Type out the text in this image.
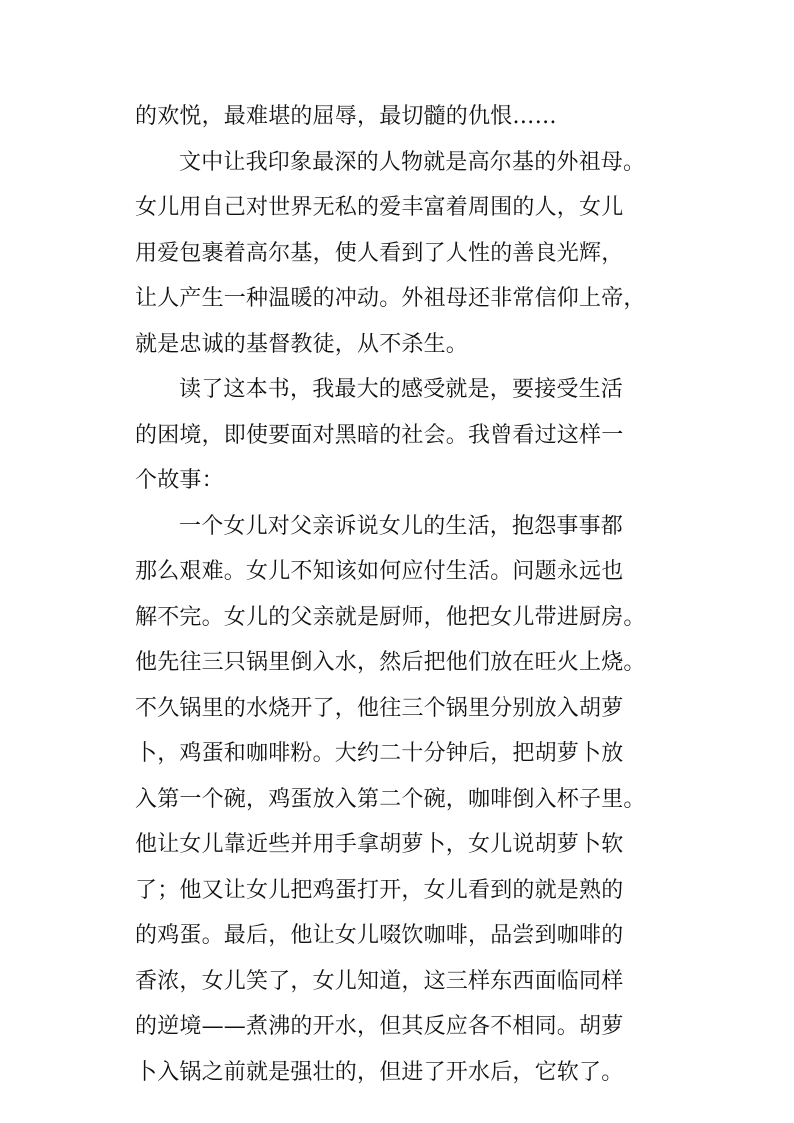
的欢悦，最难堪的屈辱，最切髓的仇恨……
文中让我印象最深的人物就是高尔基的外祖母。
女儿用自己对世界无私的爱丰富着周围的人，女儿
用爱包裹着高尔基，使人看到了人性的善良光辉，
让人产生一种温暖的冲动。外祖母还非常信仰上帝，
就是忠诚的基督教徒，从不杀生。
读了这本书，我最大的感受就是，要接受生活
的困境，即使要面对黑暗的社会。我曾看过这样一
个故事：
一个女儿对父亲诉说女儿的生活，抱怨事事都
那么艰难。女儿不知该如何应付生活。问题永远也
解不完。女儿的父亲就是厨师，他把女儿带进厨房。
他先往三只锅里倒入水，然后把他们放在旺火上烧。
不久锅里的水烧开了，他往三个锅里分别放入胡萝
卜，鸡蛋和咖啡粉。大约二十分钟后，把胡萝卜放
入第一个碗，鸡蛋放入第二个碗，咖啡倒入杯子里。
他让女儿靠近些并用手拿胡萝卜，女儿说胡萝卜软
了；他又让女儿把鸡蛋打开，女儿看到的就是熟的
的鸡蛋。最后，他让女儿啜饮咖啡，品尝到咖啡的
香浓，女儿笑了，女儿知道，这三样东西面临同样
的逆境——煮沸的开水，但其反应各不相同。胡萝
卜入锅之前就是强壮的，但进了开水后，它软了。
